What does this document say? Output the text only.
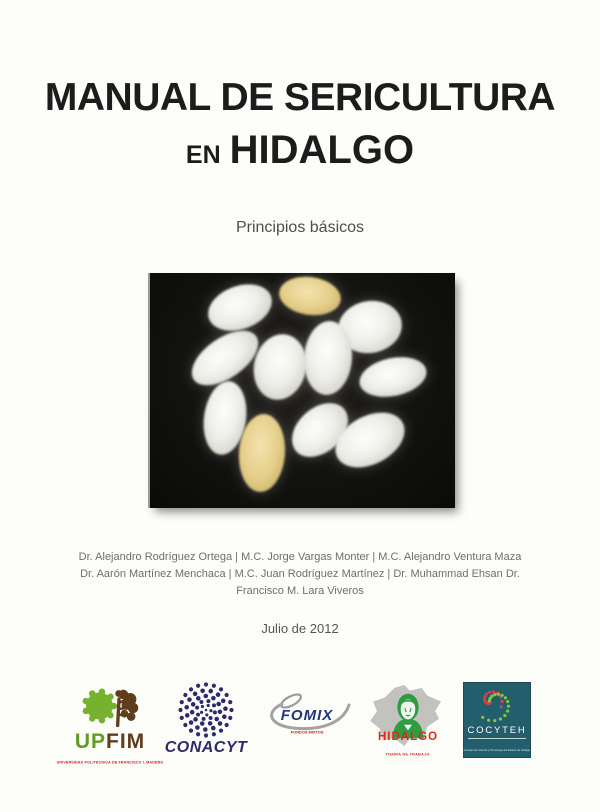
MANUAL DE SERICULTURA
EN HIDALGO
Principios básicos
Dr. Alejandro Rodríguez Ortega | M.C. Jorge Vargas Monter | M.C. Alejandro Ventura Maza
Dr. Aarón Martínez Menchaca | M.C. Juan Rodríguez Martínez | Dr. Muhammad Ehsan Dr.
Francisco M. Lara Viveros
Julio de 2012
UPFIM
UNIVERSIDAD POLITÉCNICA DE FRANCISCO I. MADERO
CONACYT
FOMIX
FONDOS MIXTOS	HIDALGO
TIERRA DE TRABAJO
COCYTEH
Consejo de Ciencia y Tecnología del Estado de Hidalgo
